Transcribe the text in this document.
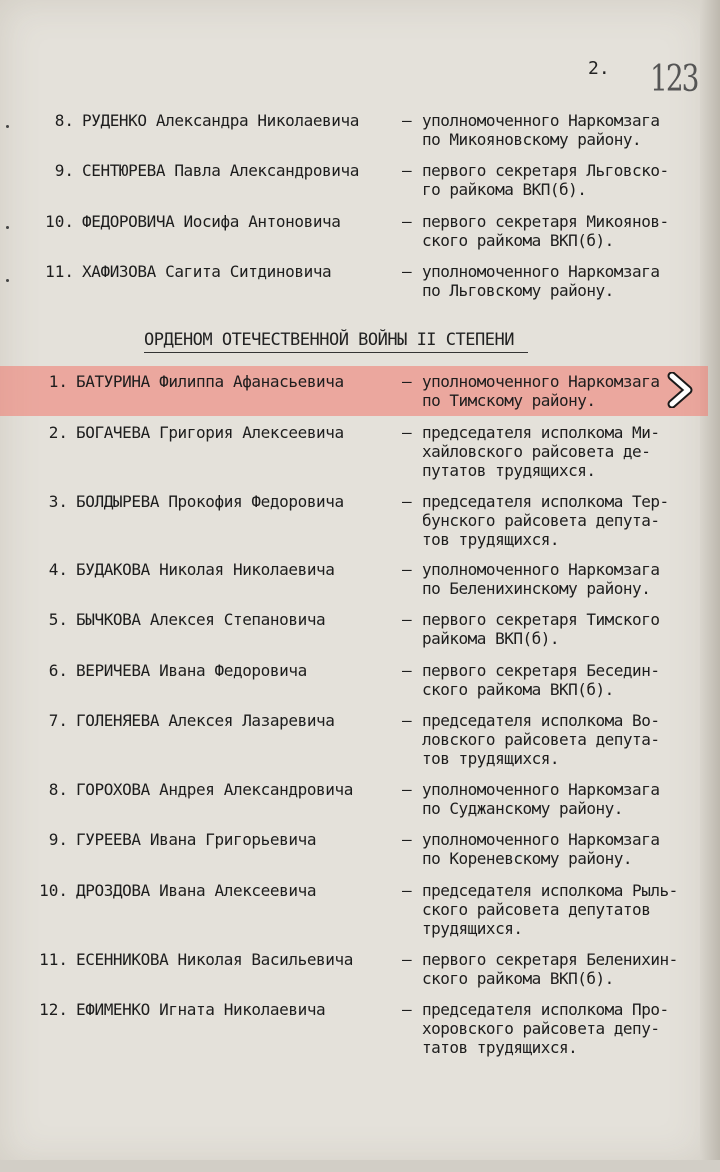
2. 123
8. РУДЕНКО Александра Николаевича	– уполномоченного Наркомзага
по Микояновскому району.
9. СЕНТЮРЕВА Павла Александровича	– первого секретаря Льговско-
го райкома ВКП(б).
10. ФЕДОРОВИЧА Иосифа Антоновича	– первого секретаря Микоянов-
ского райкома ВКП(б).
11. ХАФИЗОВА Сагита Ситдиновича	– уполномоченного Наркомзага
по Льговскому району.
ОРДЕНОМ ОТЕЧЕСТВЕННОЙ ВОЙНЫ II СТЕПЕНИ
1. БАТУРИНА Филиппа Афанасьевича	– уполномоченного Наркомзага
по Тимскому району.
2. БОГАЧЕВА Григория Алексеевича	– председателя исполкома Ми-
хайловского райсовета де-
путатов трудящихся.
3. БОЛДЫРЕВА Прокофия Федоровича	– председателя исполкома Тер-
бунского райсовета депута-
тов трудящихся.
4. БУДАКОВА Николая Николаевича	– уполномоченного Наркомзага
по Беленихинскому району.
5. БЫЧКОВА Алексея Степановича	– первого секретаря Тимского
райкома ВКП(б).
6. ВЕРИЧЕВА Ивана Федоровича	– первого секретаря Беседин-
ского райкома ВКП(б).
7. ГОЛЕНЯЕВА Алексея Лазаревича	– председателя исполкома Во-
ловского райсовета депута-
тов трудящихся.
8. ГОРОХОВА Андрея Александровича	– уполномоченного Наркомзага
по Суджанскому району.
9. ГУРЕЕВА Ивана Григорьевича	– уполномоченного Наркомзага
по Кореневскому району.
10. ДРОЗДОВА Ивана Алексеевича	– председателя исполкома Рыль-
ского райсовета депутатов
трудящихся.
11. ЕСЕННИКОВА Николая Васильевича	– первого секретаря Беленихин-
ского райкома ВКП(б).
12. ЕФИМЕНКО Игната Николаевича	– председателя исполкома Про-
хоровского райсовета депу-
татов трудящихся.
